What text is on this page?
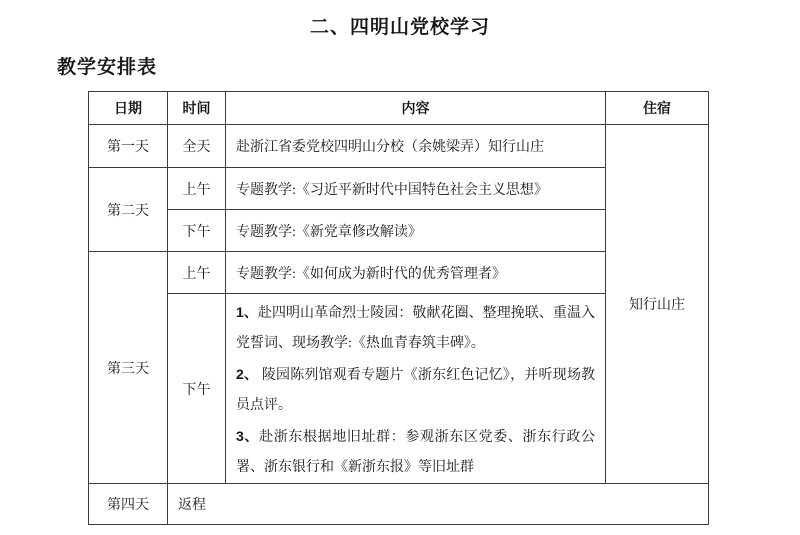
二、四明山党校学习
教学安排表
日期	时间	内容	住宿
第一天	全天	赴浙江省委党校四明山分校（余姚梁弄）知行山庄	知行山庄
第二天	上午	专题教学:《习近平新时代中国特色社会主义思想》	
	下午	专题教学:《新党章修改解读》	
第三天	上午	专题教学:《如何成为新时代的优秀管理者》	
	下午	1、赴四明山革命烈士陵园：敬献花圈、整理挽联、重温入党誓词、现场教学:《热血青春筑丰碑》。

2、 陵园陈列馆观看专题片《浙东红色记忆》，并听现场教员点评。

3、赴浙东根据地旧址群：参观浙东区党委、浙东行政公署、浙东银行和《新浙东报》等旧址群	

第四天	返程		
